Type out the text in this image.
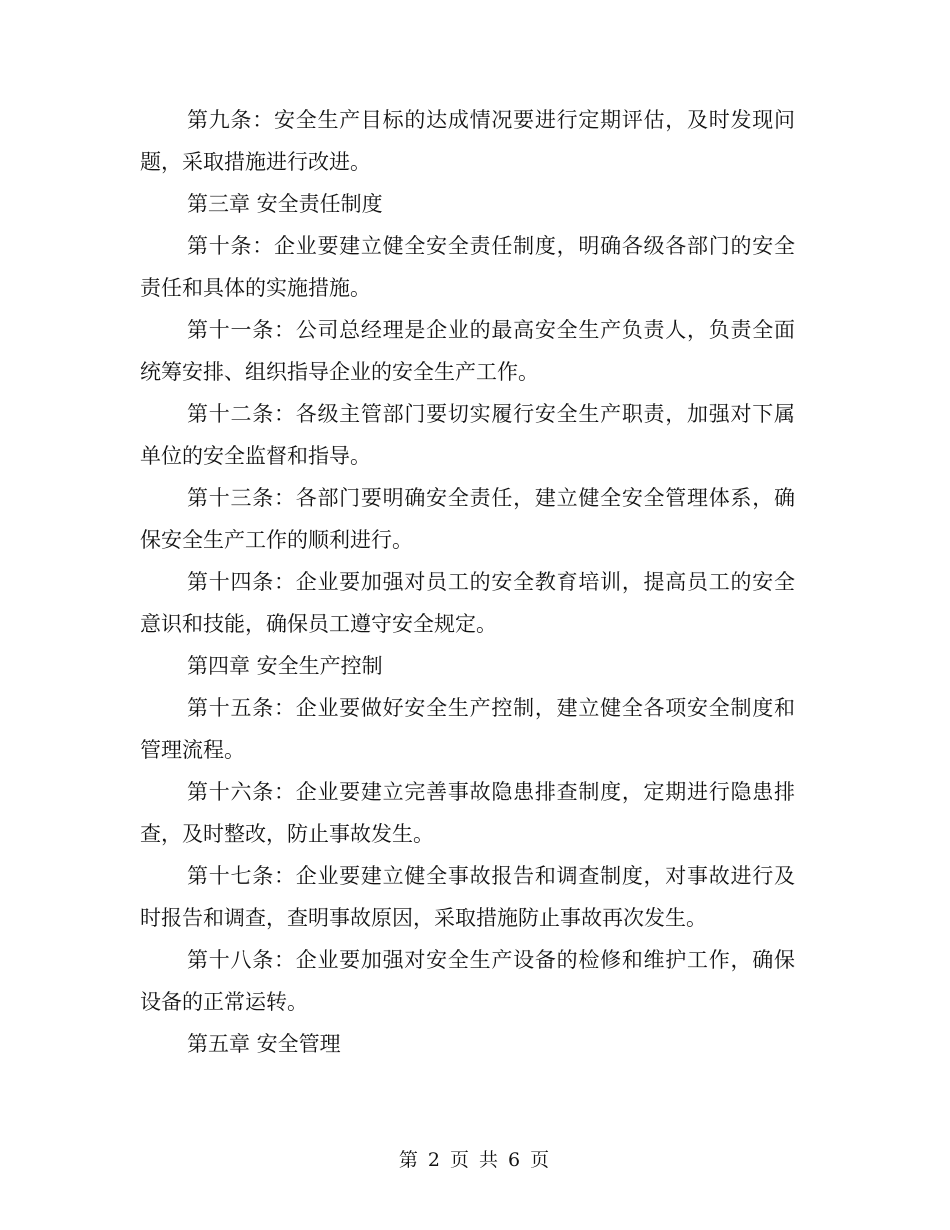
第九条：安全生产目标的达成情况要进行定期评估，及时发现问题，采取措施进行改进。

第三章 安全责任制度

第十条：企业要建立健全安全责任制度，明确各级各部门的安全责任和具体的实施措施。

第十一条：公司总经理是企业的最高安全生产负责人，负责全面统筹安排、组织指导企业的安全生产工作。

第十二条：各级主管部门要切实履行安全生产职责，加强对下属单位的安全监督和指导。

第十三条：各部门要明确安全责任，建立健全安全管理体系，确保安全生产工作的顺利进行。

第十四条：企业要加强对员工的安全教育培训，提高员工的安全意识和技能，确保员工遵守安全规定。

第四章 安全生产控制

第十五条：企业要做好安全生产控制，建立健全各项安全制度和管理流程。

第十六条：企业要建立完善事故隐患排查制度，定期进行隐患排查，及时整改，防止事故发生。

第十七条：企业要建立健全事故报告和调查制度，对事故进行及时报告和调查，查明事故原因，采取措施防止事故再次发生。

第十八条：企业要加强对安全生产设备的检修和维护工作，确保设备的正常运转。

第五章 安全管理

第 2 页 共 6 页
